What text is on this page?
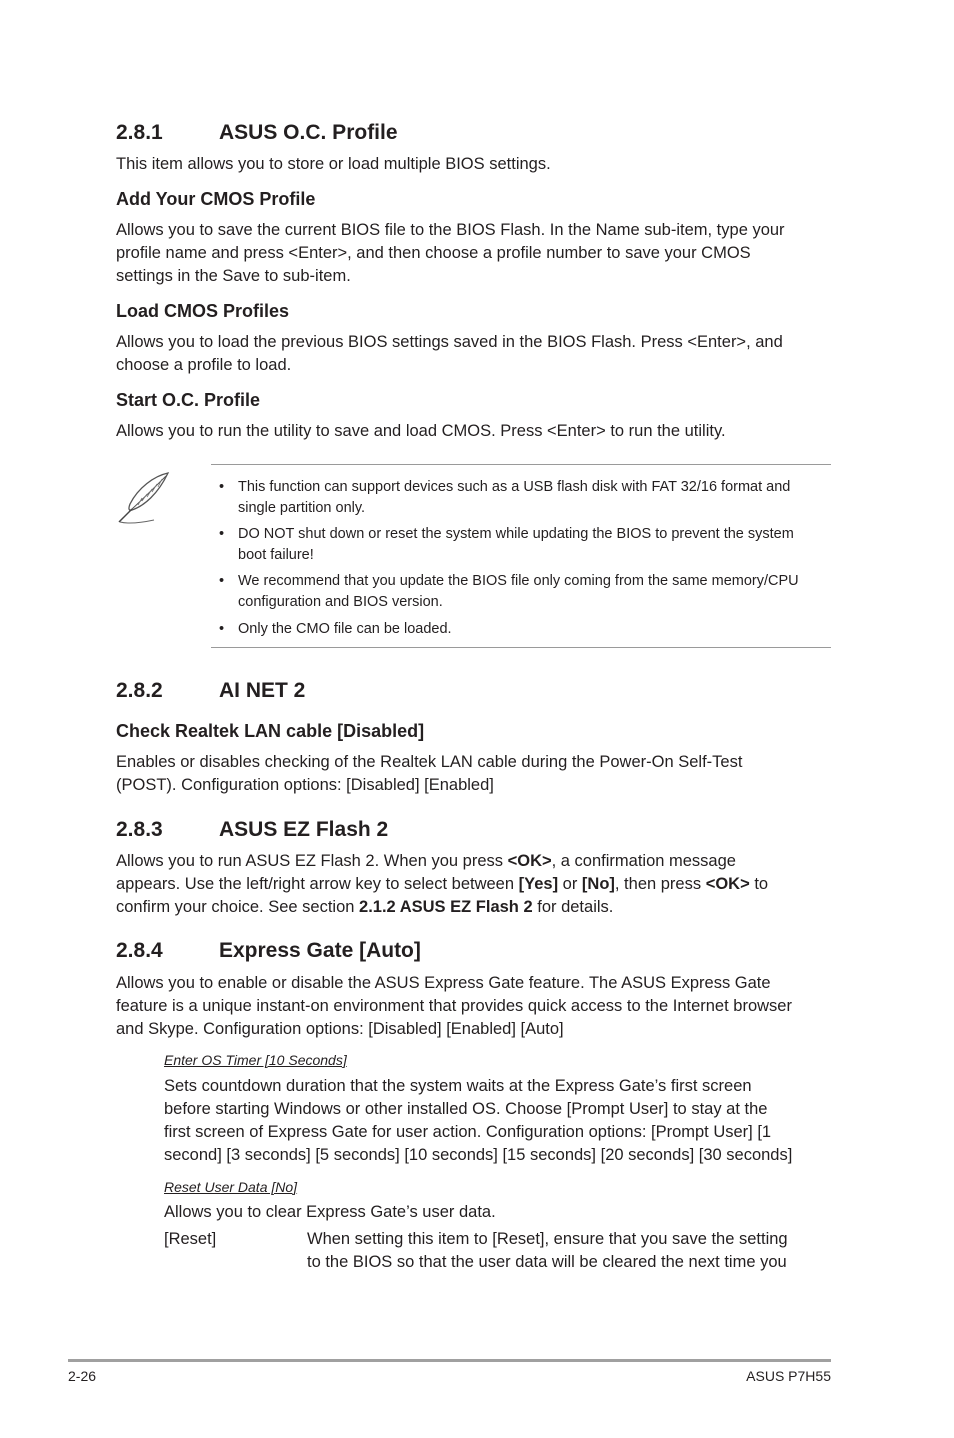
2.8.1	ASUS O.C. Profile
This item allows you to store or load multiple BIOS settings.
Add Your CMOS Profile
Allows you to save the current BIOS file to the BIOS Flash. In the Name sub-item, type your
profile name and press <Enter>, and then choose a profile number to save your CMOS
settings in the Save to sub-item.
Load CMOS Profiles
Allows you to load the previous BIOS settings saved in the BIOS Flash. Press <Enter>, and
choose a profile to load.
Start O.C. Profile
Allows you to run the utility to save and load CMOS. Press <Enter> to run the utility.
• This function can support devices such as a USB flash disk with FAT 32/16 format and
single partition only.
• DO NOT shut down or reset the system while updating the BIOS to prevent the system
boot failure!
• We recommend that you update the BIOS file only coming from the same memory/CPU
configuration and BIOS version.
• Only the CMO file can be loaded.
2.8.2	AI NET 2
Check Realtek LAN cable [Disabled]
Enables or disables checking of the Realtek LAN cable during the Power-On Self-Test
(POST). Configuration options: [Disabled] [Enabled]
2.8.3	ASUS EZ Flash 2
Allows you to run ASUS EZ Flash 2. When you press <OK>, a confirmation message
appears. Use the left/right arrow key to select between [Yes] or [No], then press <OK> to
confirm your choice. See section 2.1.2 ASUS EZ Flash 2 for details.
2.8.4	Express Gate [Auto]
Allows you to enable or disable the ASUS Express Gate feature. The ASUS Express Gate
feature is a unique instant-on environment that provides quick access to the Internet browser
and Skype. Configuration options: [Disabled] [Enabled] [Auto]
Enter OS Timer [10 Seconds]
Sets countdown duration that the system waits at the Express Gate’s first screen
before starting Windows or other installed OS. Choose [Prompt User] to stay at the
first screen of Express Gate for user action. Configuration options: [Prompt User] [1
second] [3 seconds] [5 seconds] [10 seconds] [15 seconds] [20 seconds] [30 seconds]
Reset User Data [No]
Allows you to clear Express Gate’s user data.
[Reset]	When setting this item to [Reset], ensure that you save the setting
to the BIOS so that the user data will be cleared the next time you
2-26	ASUS P7H55
